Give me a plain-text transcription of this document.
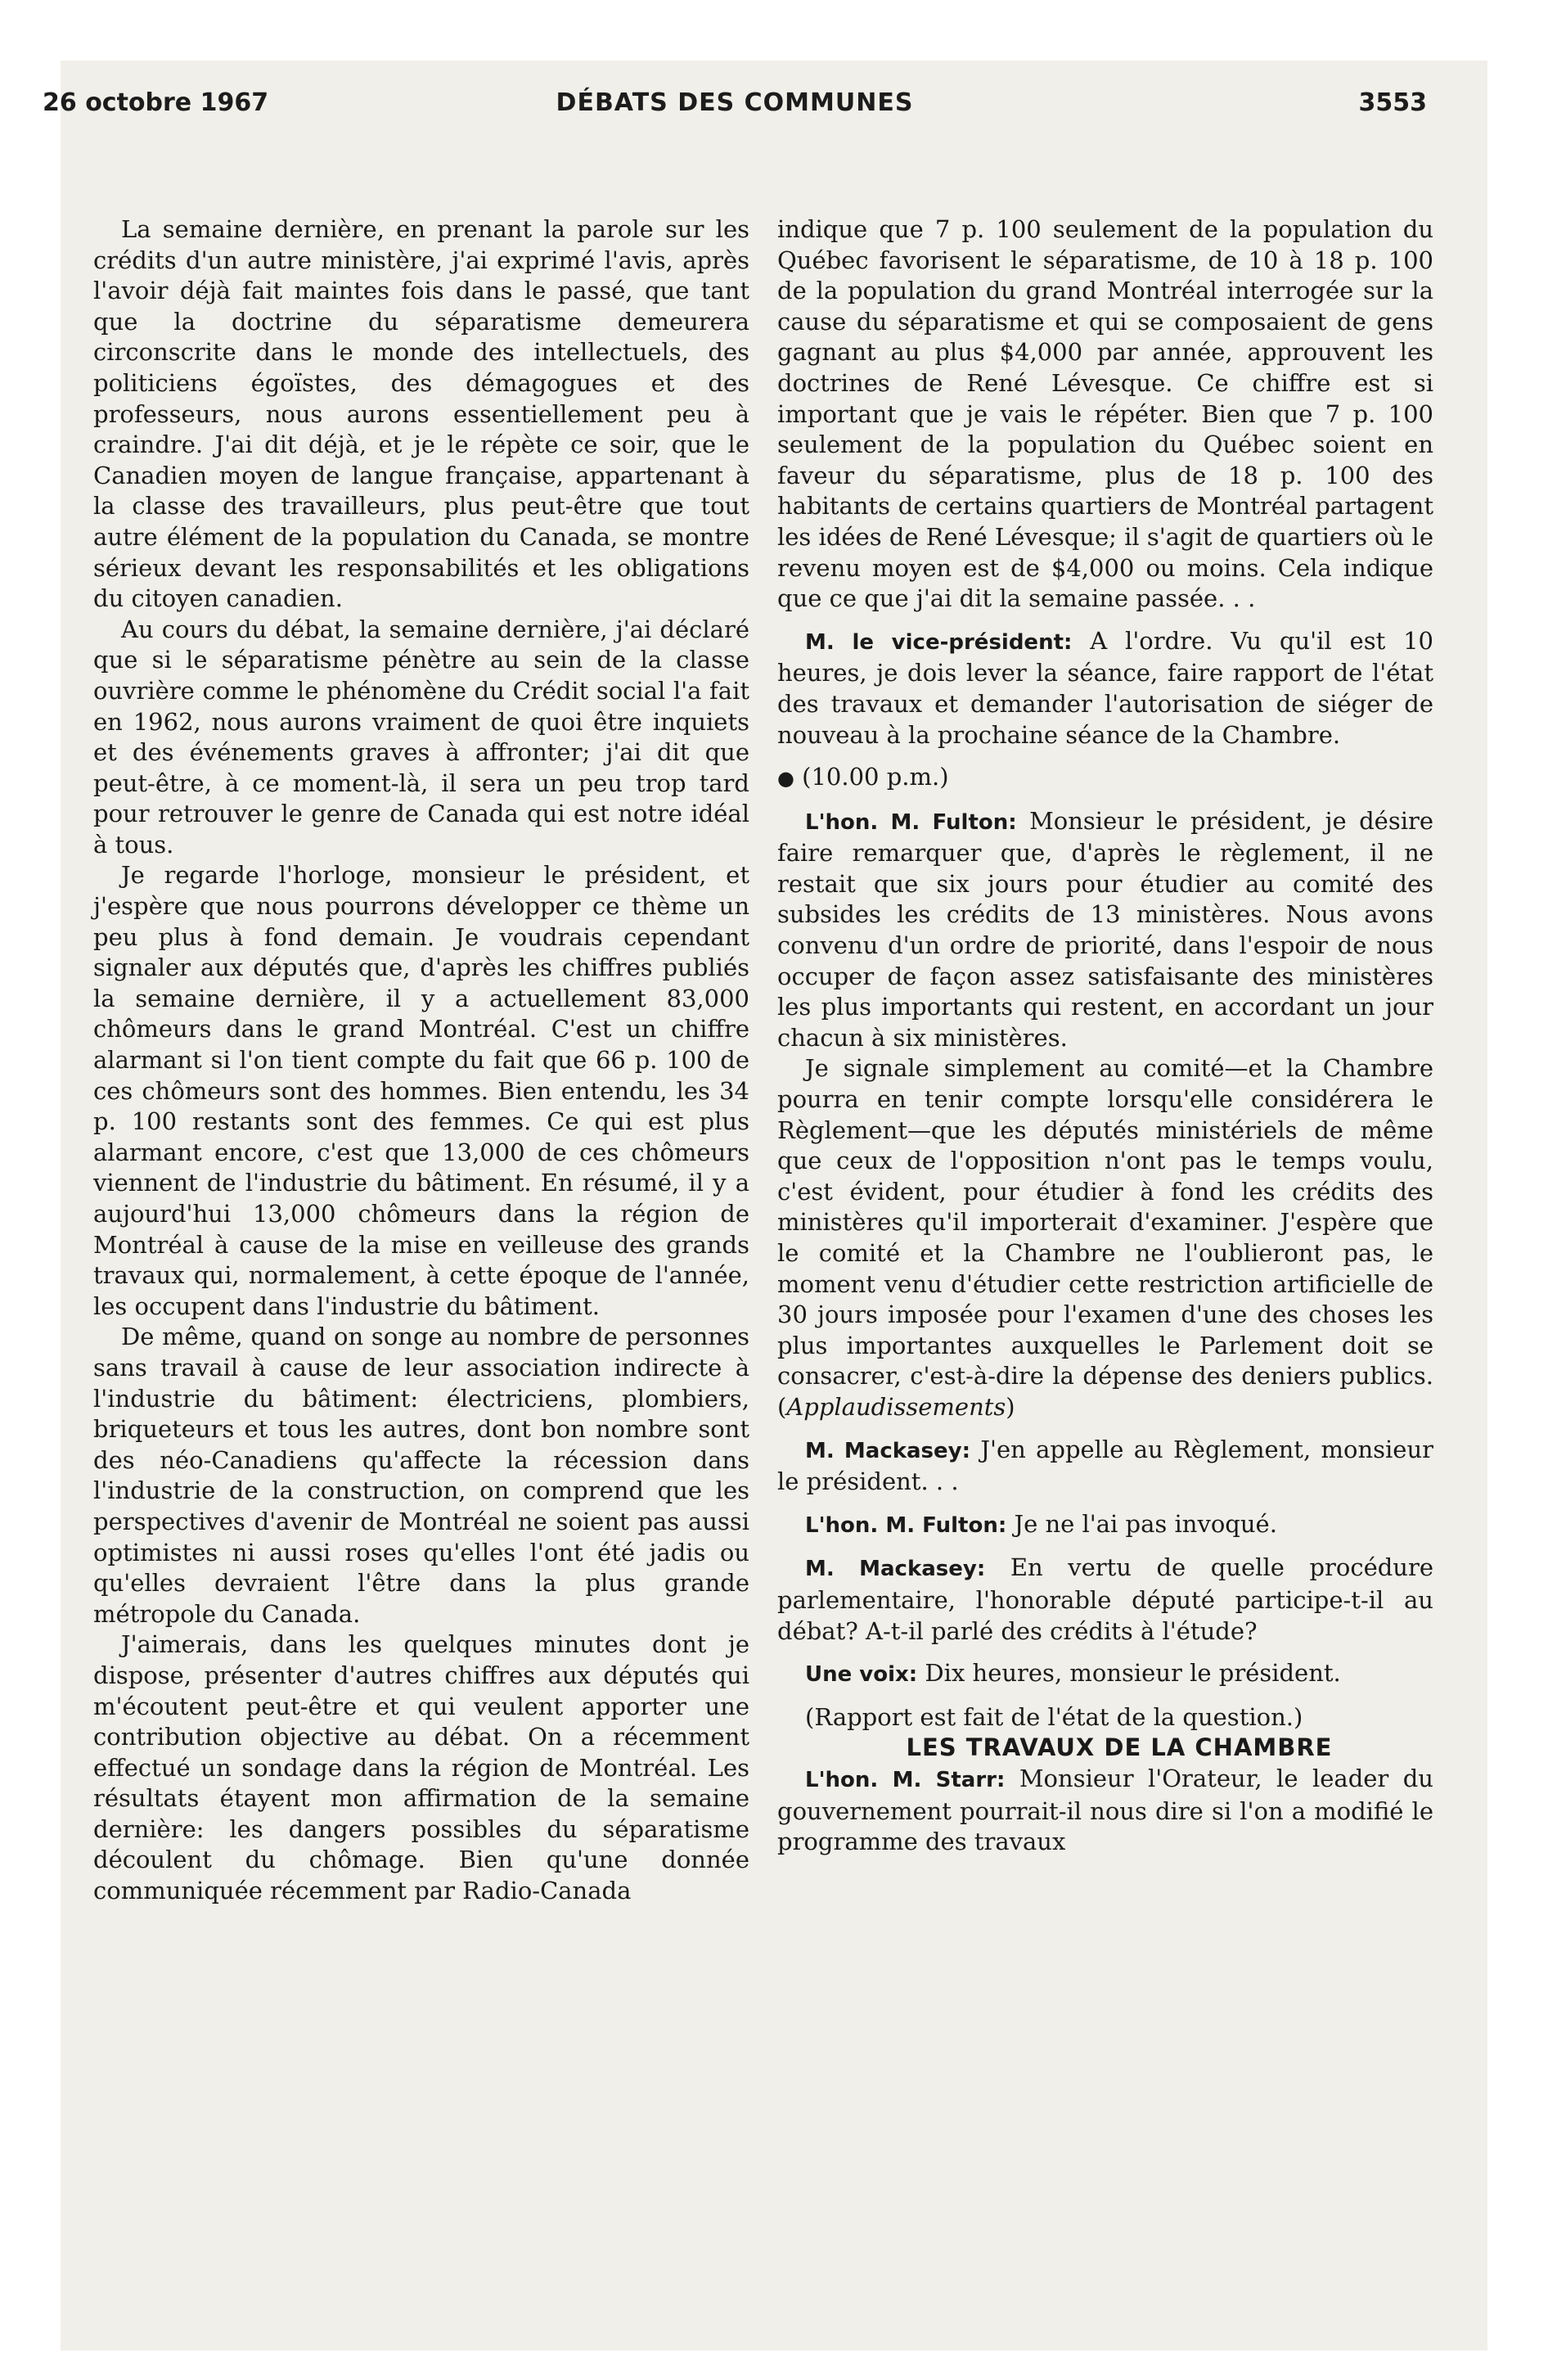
26 octobre 1967	DÉBATS DES COMMUNES	3553

La semaine dernière, en prenant la parole sur les crédits d'un autre ministère, j'ai exprimé l'avis, après l'avoir déjà fait maintes fois dans le passé, que tant que la doctrine du séparatisme demeurera circonscrite dans le monde des intellectuels, des politiciens égoïstes, des démagogues et des professeurs, nous aurons essentiellement peu à craindre. J'ai dit déjà, et je le répète ce soir, que le Canadien moyen de langue française, appartenant à la classe des travailleurs, plus peut-être que tout autre élément de la population du Canada, se montre sérieux devant les responsabilités et les obligations du citoyen canadien.

Au cours du débat, la semaine dernière, j'ai déclaré que si le séparatisme pénètre au sein de la classe ouvrière comme le phénomène du Crédit social l'a fait en 1962, nous aurons vraiment de quoi être inquiets et des événements graves à affronter; j'ai dit que peut-être, à ce moment-là, il sera un peu trop tard pour retrouver le genre de Canada qui est notre idéal à tous.

Je regarde l'horloge, monsieur le président, et j'espère que nous pourrons développer ce thème un peu plus à fond demain. Je voudrais cependant signaler aux députés que, d'après les chiffres publiés la semaine dernière, il y a actuellement 83,000 chômeurs dans le grand Montréal. C'est un chiffre alarmant si l'on tient compte du fait que 66 p. 100 de ces chômeurs sont des hommes. Bien entendu, les 34 p. 100 restants sont des femmes. Ce qui est plus alarmant encore, c'est que 13,000 de ces chômeurs viennent de l'industrie du bâtiment. En résumé, il y a aujourd'hui 13,000 chômeurs dans la région de Montréal à cause de la mise en veilleuse des grands travaux qui, normalement, à cette époque de l'année, les occupent dans l'industrie du bâtiment.

De même, quand on songe au nombre de personnes sans travail à cause de leur association indirecte à l'industrie du bâtiment: électriciens, plombiers, briqueteurs et tous les autres, dont bon nombre sont des néo-Canadiens qu'affecte la récession dans l'industrie de la construction, on comprend que les perspectives d'avenir de Montréal ne soient pas aussi optimistes ni aussi roses qu'elles l'ont été jadis ou qu'elles devraient l'être dans la plus grande métropole du Canada.

J'aimerais, dans les quelques minutes dont je dispose, présenter d'autres chiffres aux députés qui m'écoutent peut-être et qui veulent apporter une contribution objective au débat. On a récemment effectué un sondage dans la région de Montréal. Les résultats étayent mon affirmation de la semaine dernière: les dangers possibles du séparatisme découlent du chômage. Bien qu'une donnée communiquée récemment par Radio-Canada

indique que 7 p. 100 seulement de la population du Québec favorisent le séparatisme, de 10 à 18 p. 100 de la population du grand Montréal interrogée sur la cause du séparatisme et qui se composaient de gens gagnant au plus $4,000 par année, approuvent les doctrines de René Lévesque. Ce chiffre est si important que je vais le répéter. Bien que 7 p. 100 seulement de la population du Québec soient en faveur du séparatisme, plus de 18 p. 100 des habitants de certains quartiers de Montréal partagent les idées de René Lévesque; il s'agit de quartiers où le revenu moyen est de $4,000 ou moins. Cela indique que ce que j'ai dit la semaine passée. . .

M. le vice-président: A l'ordre. Vu qu'il est 10 heures, je dois lever la séance, faire rapport de l'état des travaux et demander l'autorisation de siéger de nouveau à la prochaine séance de la Chambre.

● (10.00 p.m.)

L'hon. M. Fulton: Monsieur le président, je désire faire remarquer que, d'après le règlement, il ne restait que six jours pour étudier au comité des subsides les crédits de 13 ministères. Nous avons convenu d'un ordre de priorité, dans l'espoir de nous occuper de façon assez satisfaisante des ministères les plus importants qui restent, en accordant un jour chacun à six ministères.

Je signale simplement au comité—et la Chambre pourra en tenir compte lorsqu'elle considérera le Règlement—que les députés ministériels de même que ceux de l'opposition n'ont pas le temps voulu, c'est évident, pour étudier à fond les crédits des ministères qu'il importerait d'examiner. J'espère que le comité et la Chambre ne l'oublieront pas, le moment venu d'étudier cette restriction artificielle de 30 jours imposée pour l'examen d'une des choses les plus importantes auxquelles le Parlement doit se consacrer, c'est-à-dire la dépense des deniers publics. (Applaudissements)

M. Mackasey: J'en appelle au Règlement, monsieur le président. . .

L'hon. M. Fulton: Je ne l'ai pas invoqué.

M. Mackasey: En vertu de quelle procédure parlementaire, l'honorable député participe-t-il au débat? A-t-il parlé des crédits à l'étude?

Une voix: Dix heures, monsieur le président.

(Rapport est fait de l'état de la question.)

LES TRAVAUX DE LA CHAMBRE

L'hon. M. Starr: Monsieur l'Orateur, le leader du gouvernement pourrait-il nous dire si l'on a modifié le programme des travaux
